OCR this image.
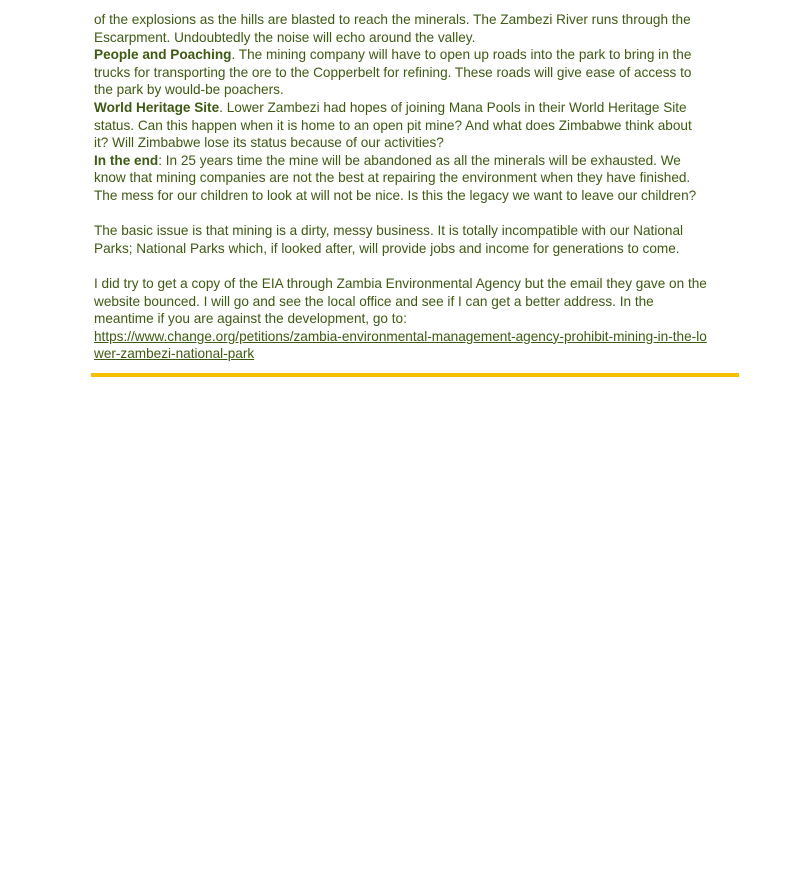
of the explosions as the hills are blasted to reach the minerals. The Zambezi River runs through the Escarpment. Undoubtedly the noise will echo around the valley.

People and Poaching. The mining company will have to open up roads into the park to bring in the trucks for transporting the ore to the Copperbelt for refining. These roads will give ease of access to the park by would-be poachers.

World Heritage Site. Lower Zambezi had hopes of joining Mana Pools in their World Heritage Site status. Can this happen when it is home to an open pit mine? And what does Zimbabwe think about it? Will Zimbabwe lose its status because of our activities?

In the end: In 25 years time the mine will be abandoned as all the minerals will be exhausted. We know that mining companies are not the best at repairing the environment when they have finished. The mess for our children to look at will not be nice. Is this the legacy we want to leave our children?

The basic issue is that mining is a dirty, messy business. It is totally incompatible with our National Parks; National Parks which, if looked after, will provide jobs and income for generations to come.

I did try to get a copy of the EIA through Zambia Environmental Agency but the email they gave on the website bounced. I will go and see the local office and see if I can get a better address. In the meantime if you are against the development, go to:
https://www.change.org/petitions/zambia-environmental-management-agency-prohibit-mining-in-the-lower-zambezi-national-park
